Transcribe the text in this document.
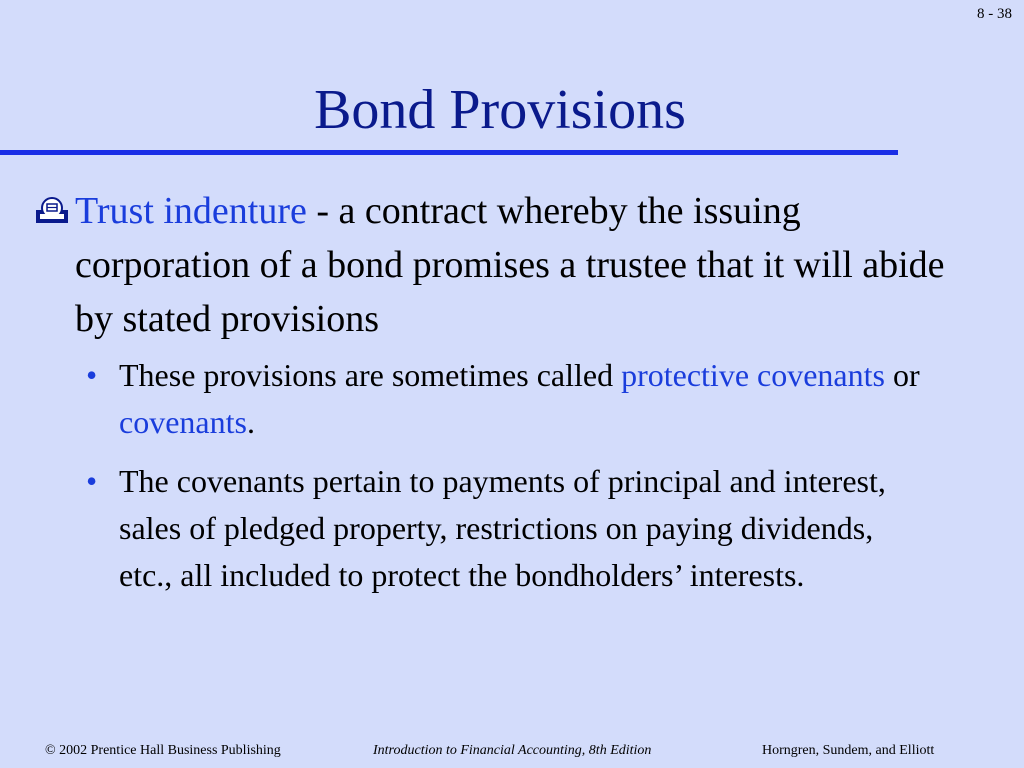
8 - 38
Bond Provisions
Trust indenture - a contract whereby the issuing corporation of a bond promises a trustee that it will abide by stated provisions
• These provisions are sometimes called protective covenants or covenants.
• The covenants pertain to payments of principal and interest, sales of pledged property, restrictions on paying dividends, etc., all included to protect the bondholders’ interests.
© 2002 Prentice Hall Business Publishing	Introduction to Financial Accounting, 8th Edition	Horngren, Sundem, and Elliott
